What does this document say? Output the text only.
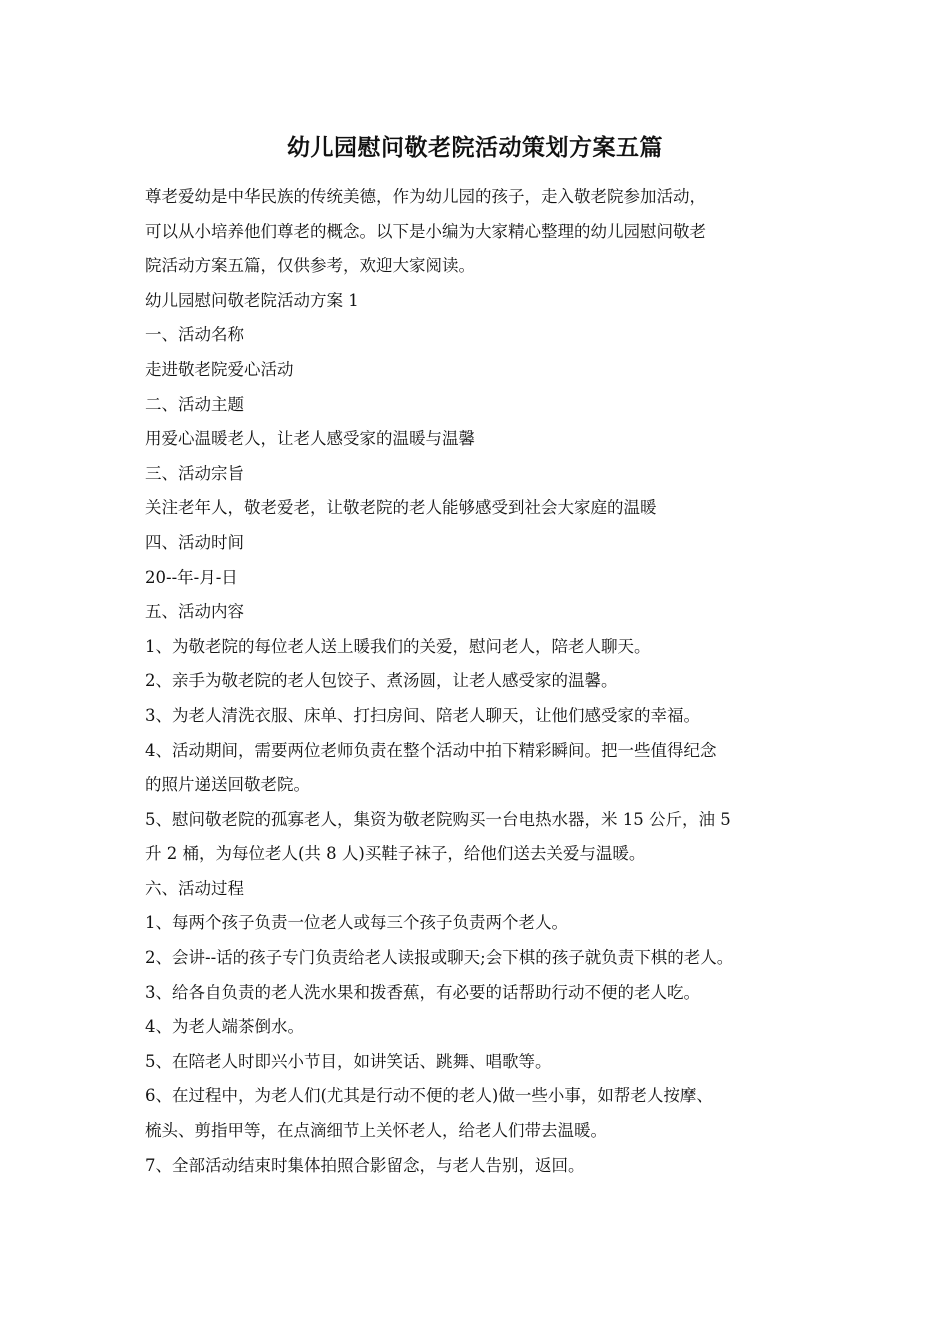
幼儿园慰问敬老院活动策划方案五篇
尊老爱幼是中华民族的传统美德，作为幼儿园的孩子，走入敬老院参加活动，
可以从小培养他们尊老的概念。以下是小编为大家精心整理的幼儿园慰问敬老
院活动方案五篇，仅供参考，欢迎大家阅读。
幼儿园慰问敬老院活动方案 1
一、活动名称
走进敬老院爱心活动
二、活动主题
用爱心温暖老人，让老人感受家的温暖与温馨
三、活动宗旨
关注老年人，敬老爱老，让敬老院的老人能够感受到社会大家庭的温暖
四、活动时间
20--年-月-日
五、活动内容
1、为敬老院的每位老人送上暖我们的关爱，慰问老人，陪老人聊天。
2、亲手为敬老院的老人包饺子、煮汤圆，让老人感受家的温馨。
3、为老人清洗衣服、床单、打扫房间、陪老人聊天，让他们感受家的幸福。
4、活动期间，需要两位老师负责在整个活动中拍下精彩瞬间。把一些值得纪念
的照片递送回敬老院。
5、慰问敬老院的孤寡老人，集资为敬老院购买一台电热水器，米 15 公斤，油 5
升 2 桶，为每位老人(共 8 人)买鞋子袜子，给他们送去关爱与温暖。
六、活动过程
1、每两个孩子负责一位老人或每三个孩子负责两个老人。
2、会讲--话的孩子专门负责给老人读报或聊天;会下棋的孩子就负责下棋的老人。
3、给各自负责的老人洗水果和拨香蕉，有必要的话帮助行动不便的老人吃。
4、为老人端茶倒水。
5、在陪老人时即兴小节目，如讲笑话、跳舞、唱歌等。
6、在过程中，为老人们(尤其是行动不便的老人)做一些小事，如帮老人按摩、
梳头、剪指甲等，在点滴细节上关怀老人，给老人们带去温暖。
7、全部活动结束时集体拍照合影留念，与老人告别，返回。
